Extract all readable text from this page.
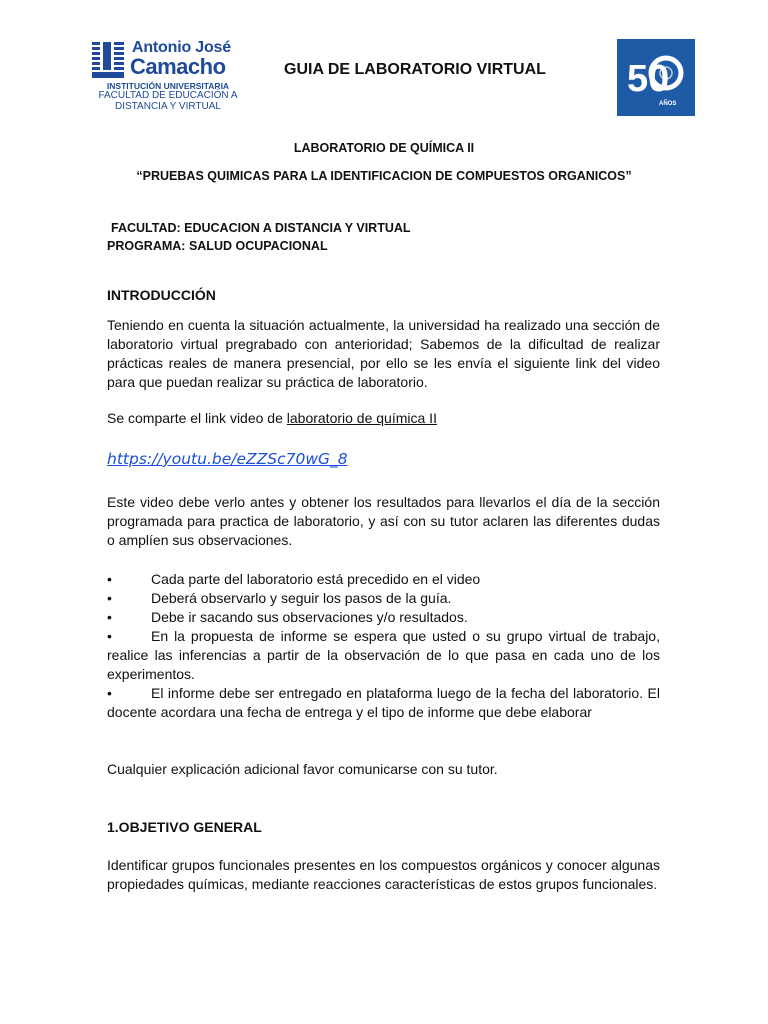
Antonio José
Camacho
INSTITUCIÓN UNIVERSITARIA
FACULTAD DE EDUCACIÓN A DISTANCIA Y VIRTUAL
GUIA DE LABORATORIO VIRTUAL 50
AÑOS
LABORATORIO DE QUÍMICA II
“PRUEBAS QUIMICAS PARA LA IDENTIFICACION DE COMPUESTOS ORGANICOS”
FACULTAD: EDUCACION A DISTANCIA Y VIRTUAL
PROGRAMA: SALUD OCUPACIONAL
INTRODUCCIÓN
Teniendo en cuenta la situación actualmente, la universidad ha realizado una sección de laboratorio virtual pregrabado con anterioridad; Sabemos de la dificultad de realizar prácticas reales de manera presencial, por ello se les envía el siguiente link del video para que puedan realizar su práctica de laboratorio.
Se comparte el link video de laboratorio de química II
https://youtu.be/eZZSc70wG_8
Este video debe verlo antes y obtener los resultados para llevarlos el día de la sección programada para practica de laboratorio, y así con su tutor aclaren las diferentes dudas o amplíen sus observaciones.
•	Cada parte del laboratorio está precedido en el video
•	Deberá observarlo y seguir los pasos de la guía.
•	Debe ir sacando sus observaciones y/o resultados.
•	En la propuesta de informe se espera que usted o su grupo virtual de trabajo, realice las inferencias a partir de la observación de lo que pasa en cada uno de los experimentos.
•	El informe debe ser entregado en plataforma luego de la fecha del laboratorio. El docente acordara una fecha de entrega y el tipo de informe que debe elaborar
Cualquier explicación adicional favor comunicarse con su tutor.
1.OBJETIVO GENERAL
Identificar grupos funcionales presentes en los compuestos orgánicos y conocer algunas propiedades químicas, mediante reacciones características de estos grupos funcionales.
